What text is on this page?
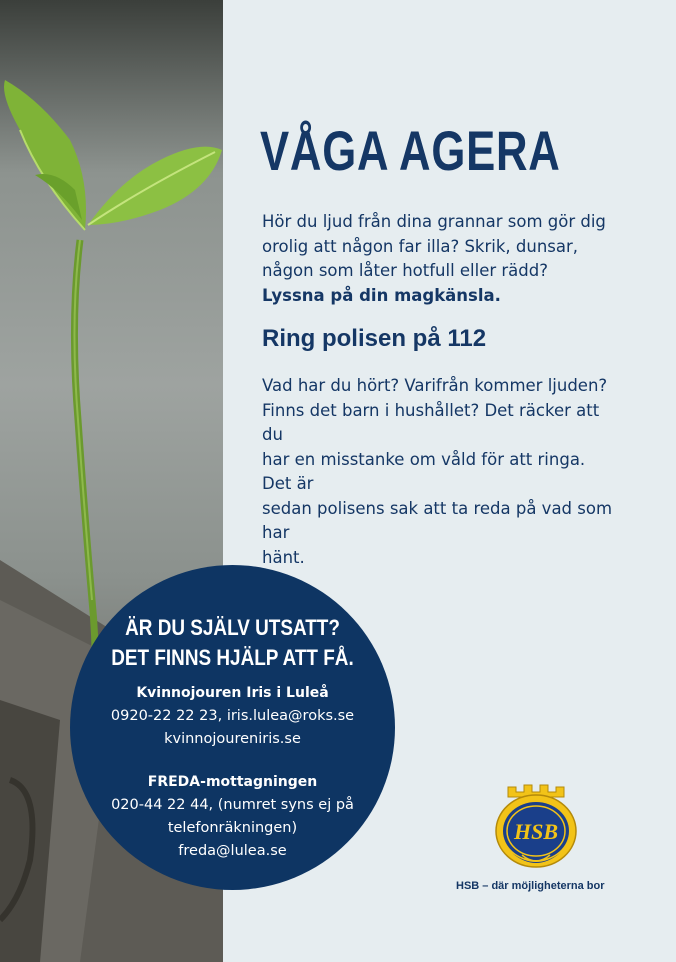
VÅGA AGERA
Hör du ljud från dina grannar som gör dig
orolig att någon far illa? Skrik, dunsar,
någon som låter hotfull eller rädd?
Lyssna på din magkänsla.
Ring polisen på 112
Vad har du hört? Varifrån kommer ljuden?
Finns det barn i hushållet? Det räcker att du
har en misstanke om våld för att ringa. Det är
sedan polisens sak att ta reda på vad som har
hänt.
ÄR DU SJÄLV UTSATT?
DET FINNS HJÄLP ATT FÅ.
Kvinnojouren Iris i Luleå
0920-22 22 23, iris.lulea@roks.se
kvinnojoureniris.se
FREDA-mottagningen
020-44 22 44, (numret syns ej på
telefonräkningen)
freda@lulea.se
HSB
HSB – där möjligheterna bor
